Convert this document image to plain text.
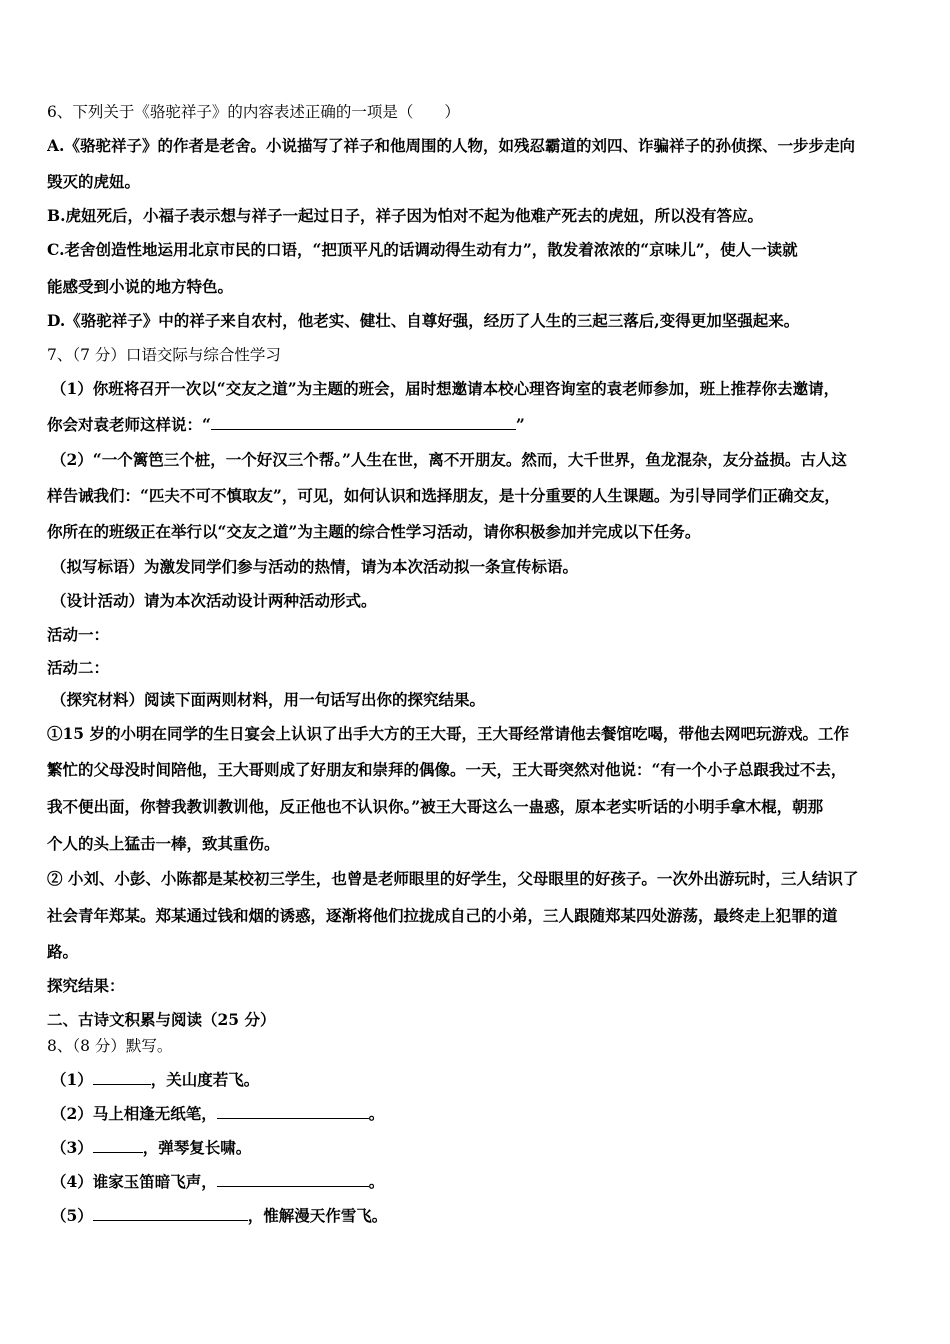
6、下列关于《骆驼祥子》的内容表述正确的一项是（　　）
A.《骆驼祥子》的作者是老舍。小说描写了祥子和他周围的人物，如残忍霸道的刘四、诈骗祥子的孙侦探、一步步走向
毁灭的虎妞。
B.虎妞死后，小福子表示想与祥子一起过日子，祥子因为怕对不起为他难产死去的虎妞，所以没有答应。
C.老舍创造性地运用北京市民的口语，“把顶平凡的话调动得生动有力”，散发着浓浓的“京味儿”，使人一读就
能感受到小说的地方特色。
D.《骆驼祥子》中的祥子来自农村，他老实、健壮、自尊好强，经历了人生的三起三落后,变得更加坚强起来。
7、（7 分）口语交际与综合性学习
（1）你班将召开一次以“交友之道”为主题的班会，届时想邀请本校心理咨询室的袁老师参加，班上推荐你去邀请，
你会对袁老师这样说：“	”
（2）“一个篱笆三个桩，一个好汉三个帮。”人生在世，离不开朋友。然而，大千世界，鱼龙混杂，友分益损。古人这
样告诫我们：“匹夫不可不慎取友”，可见，如何认识和选择朋友，是十分重要的人生课题。为引导同学们正确交友，
你所在的班级正在举行以“交友之道”为主题的综合性学习活动，请你积极参加并完成以下任务。
（拟写标语）为激发同学们参与活动的热情，请为本次活动拟一条宣传标语。
（设计活动）请为本次活动设计两种活动形式。
活动一：
活动二：
（探究材料）阅读下面两则材料，用一句话写出你的探究结果。
①15 岁的小明在同学的生日宴会上认识了出手大方的王大哥，王大哥经常请他去餐馆吃喝，带他去网吧玩游戏。工作
繁忙的父母没时间陪他，王大哥则成了好朋友和崇拜的偶像。一天，王大哥突然对他说：“有一个小子总跟我过不去，
我不便出面，你替我教训教训他，反正他也不认识你。”被王大哥这么一蛊惑，原本老实听话的小明手拿木棍，朝那
个人的头上猛击一棒，致其重伤。
② 小刘、小彭、小陈都是某校初三学生，也曾是老师眼里的好学生，父母眼里的好孩子。一次外出游玩时，三人结识了
社会青年郑某。郑某通过钱和烟的诱惑，逐渐将他们拉拢成自己的小弟，三人跟随郑某四处游荡，最终走上犯罪的道
路。
探究结果：
二、古诗文积累与阅读（25 分）
8、（8 分）默写。
（1）	，关山度若飞。
（2）马上相逢无纸笔，	。
（3）	，弹琴复长啸。
（4）谁家玉笛暗飞声，	。
（5）	，惟解漫天作雪飞。
